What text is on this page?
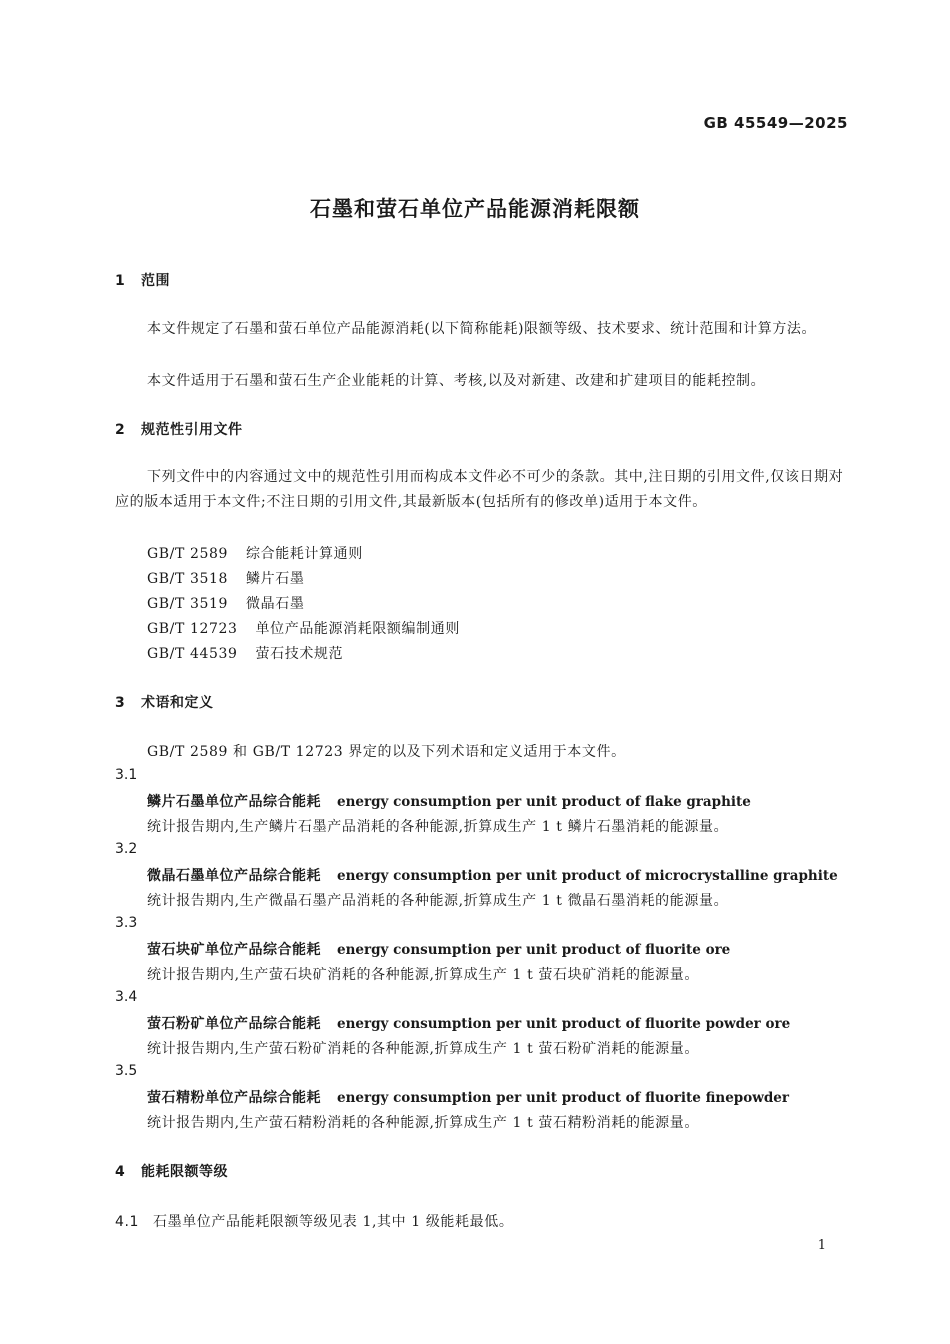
GB 45549—2025
石墨和萤石单位产品能源消耗限额
1 范围
本文件规定了石墨和萤石单位产品能源消耗(以下简称能耗)限额等级、技术要求、统计范围和计算方法。
本文件适用于石墨和萤石生产企业能耗的计算、考核,以及对新建、改建和扩建项目的能耗控制。
2 规范性引用文件
下列文件中的内容通过文中的规范性引用而构成本文件必不可少的条款。其中,注日期的引用文件,仅该日期对应的版本适用于本文件;不注日期的引用文件,其最新版本(包括所有的修改单)适用于本文件。
GB/T 2589 综合能耗计算通则
GB/T 3518 鳞片石墨
GB/T 3519 微晶石墨
GB/T 12723 单位产品能源消耗限额编制通则
GB/T 44539 萤石技术规范
3 术语和定义
GB/T 2589 和 GB/T 12723 界定的以及下列术语和定义适用于本文件。
3.1
鳞片石墨单位产品综合能耗 energy consumption per unit product of flake graphite
统计报告期内,生产鳞片石墨产品消耗的各种能源,折算成生产 1 t 鳞片石墨消耗的能源量。
3.2
微晶石墨单位产品综合能耗 energy consumption per unit product of microcrystalline graphite
统计报告期内,生产微晶石墨产品消耗的各种能源,折算成生产 1 t 微晶石墨消耗的能源量。
3.3
萤石块矿单位产品综合能耗 energy consumption per unit product of fluorite ore
统计报告期内,生产萤石块矿消耗的各种能源,折算成生产 1 t 萤石块矿消耗的能源量。
3.4
萤石粉矿单位产品综合能耗 energy consumption per unit product of fluorite powder ore
统计报告期内,生产萤石粉矿消耗的各种能源,折算成生产 1 t 萤石粉矿消耗的能源量。
3.5
萤石精粉单位产品综合能耗 energy consumption per unit product of fluorite finepowder
统计报告期内,生产萤石精粉消耗的各种能源,折算成生产 1 t 萤石精粉消耗的能源量。
4 能耗限额等级
4.1 石墨单位产品能耗限额等级见表 1,其中 1 级能耗最低。
1
